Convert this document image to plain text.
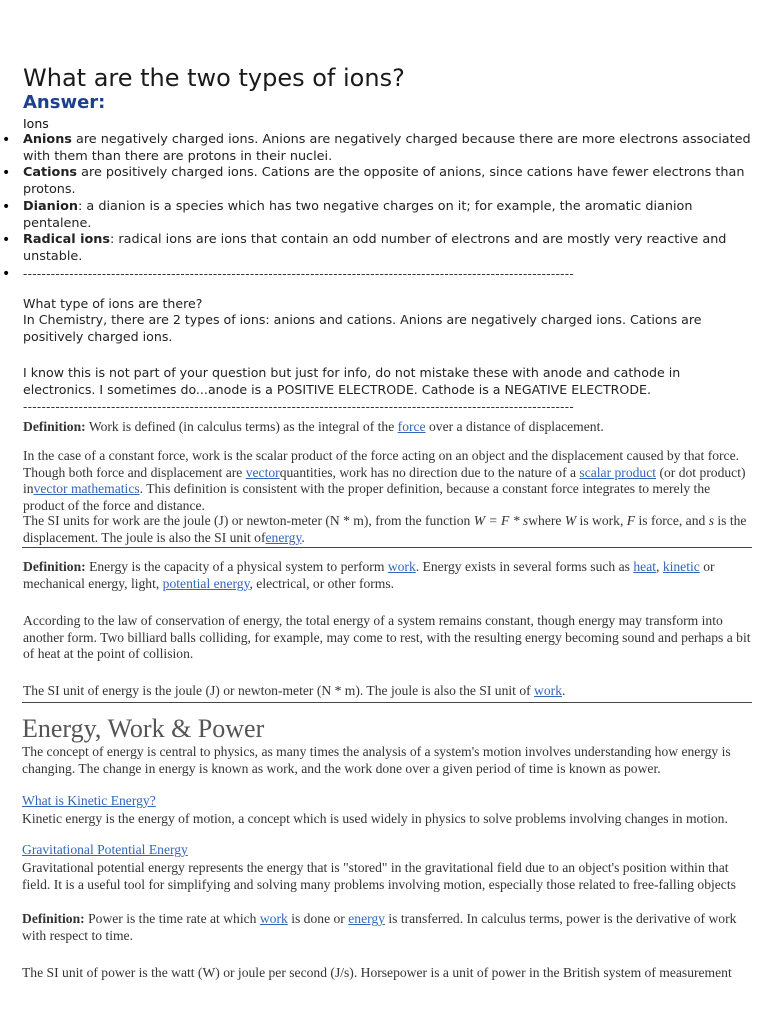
What are the two types of ions?
Answer:
Ions
• Anions are negatively charged ions. Anions are negatively charged because there are more electrons associated with them than there are protons in their nuclei.
• Cations are positively charged ions. Cations are the opposite of anions, since cations have fewer electrons than protons.
• Dianion: a dianion is a species which has two negative charges on it; for example, the aromatic dianion pentalene.
• Radical ions: radical ions are ions that contain an odd number of electrons and are mostly very reactive and unstable.
• -----------------------------------------------------------------------------------------------------------------------
What type of ions are there?
In Chemistry, there are 2 types of ions: anions and cations. Anions are negatively charged ions. Cations are positively charged ions.
I know this is not part of your question but just for info, do not mistake these with anode and cathode in electronics. I sometimes do...anode is a POSITIVE ELECTRODE. Cathode is a NEGATIVE ELECTRODE.
-----------------------------------------------------------------------------------------------------------------------
Definition: Work is defined (in calculus terms) as the integral of the force over a distance of displacement.
In the case of a constant force, work is the scalar product of the force acting on an object and the displacement caused by that force. Though both force and displacement are vectorquantities, work has no direction due to the nature of a scalar product (or dot product) invector mathematics. This definition is consistent with the proper definition, because a constant force integrates to merely the product of the force and distance.
The SI units for work are the joule (J) or newton-meter (N * m), from the function W = F * swhere W is work, F is force, and s is the displacement. The joule is also the SI unit ofenergy.
Definition: Energy is the capacity of a physical system to perform work. Energy exists in several forms such as heat, kinetic or mechanical energy, light, potential energy, electrical, or other forms.
According to the law of conservation of energy, the total energy of a system remains constant, though energy may transform into another form. Two billiard balls colliding, for example, may come to rest, with the resulting energy becoming sound and perhaps a bit of heat at the point of collision.
The SI unit of energy is the joule (J) or newton-meter (N * m). The joule is also the SI unit of work.
Energy, Work & Power
The concept of energy is central to physics, as many times the analysis of a system's motion involves understanding how energy is changing. The change in energy is known as work, and the work done over a given period of time is known as power.
What is Kinetic Energy?
Kinetic energy is the energy of motion, a concept which is used widely in physics to solve problems involving changes in motion.
Gravitational Potential Energy
Gravitational potential energy represents the energy that is "stored" in the gravitational field due to an object's position within that field. It is a useful tool for simplifying and solving many problems involving motion, especially those related to free-falling objects
Definition: Power is the time rate at which work is done or energy is transferred. In calculus terms, power is the derivative of work with respect to time.
The SI unit of power is the watt (W) or joule per second (J/s). Horsepower is a unit of power in the British system of measurement
